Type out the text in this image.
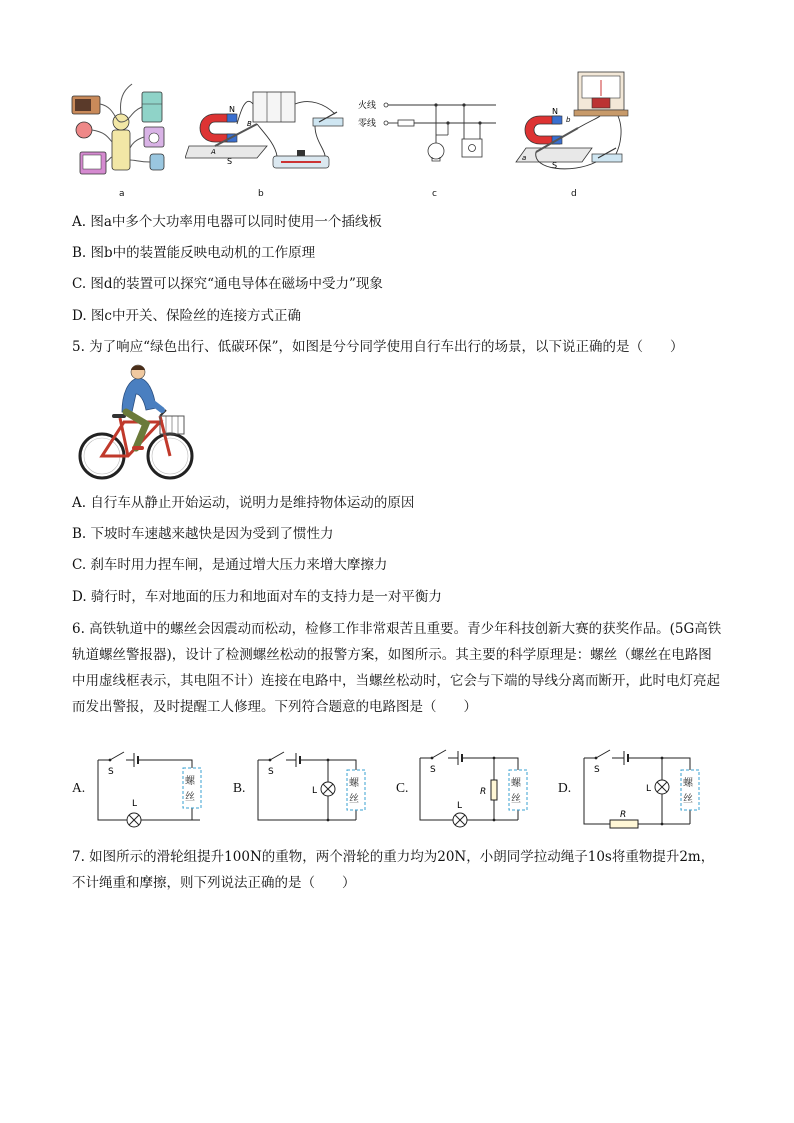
a
N
S
A
B
b
火线
零线
c
N
S
a
b
d
A. 图a中多个大功率用电器可以同时使用一个插线板
B. 图b中的装置能反映电动机的工作原理
C. 图d的装置可以探究“通电导体在磁场中受力”现象
D. 图c中开关、保险丝的连接方式正确
5. 为了响应“绿色出行、低碳环保”，如图是兮兮同学使用自行车出行的场景，以下说正确的是（　　）
A. 自行车从静止开始运动，说明力是维持物体运动的原因
B. 下坡时车速越来越快是因为受到了惯性力
C. 刹车时用力捏车闸，是通过增大压力来增大摩擦力
D. 骑行时，车对地面的压力和地面对车的支持力是一对平衡力
6. 高铁轨道中的螺丝会因震动而松动，检修工作非常艰苦且重要。青少年科技创新大赛的获奖作品。(5G高铁轨道螺丝警报器)，设计了检测螺丝松动的报警方案，如图所示。其主要的科学原理是：螺丝（螺丝在电路图中用虚线框表示，其电阻不计）连接在电路中，当螺丝松动时，它会与下端的导线分离而断开，此时电灯亮起而发出警报，及时提醒工人修理。下列符合题意的电路图是（　　）
A.	螺
丝
S
L
B.	螺
丝
S
L	C.	螺
丝
S
L
R	D.	螺
丝
S
L
R
7. 如图所示的滑轮组提升100N的重物，两个滑轮的重力均为20N，小朗同学拉动绳子10s将重物提升2m，不计绳重和摩擦，则下列说法正确的是（　　）
